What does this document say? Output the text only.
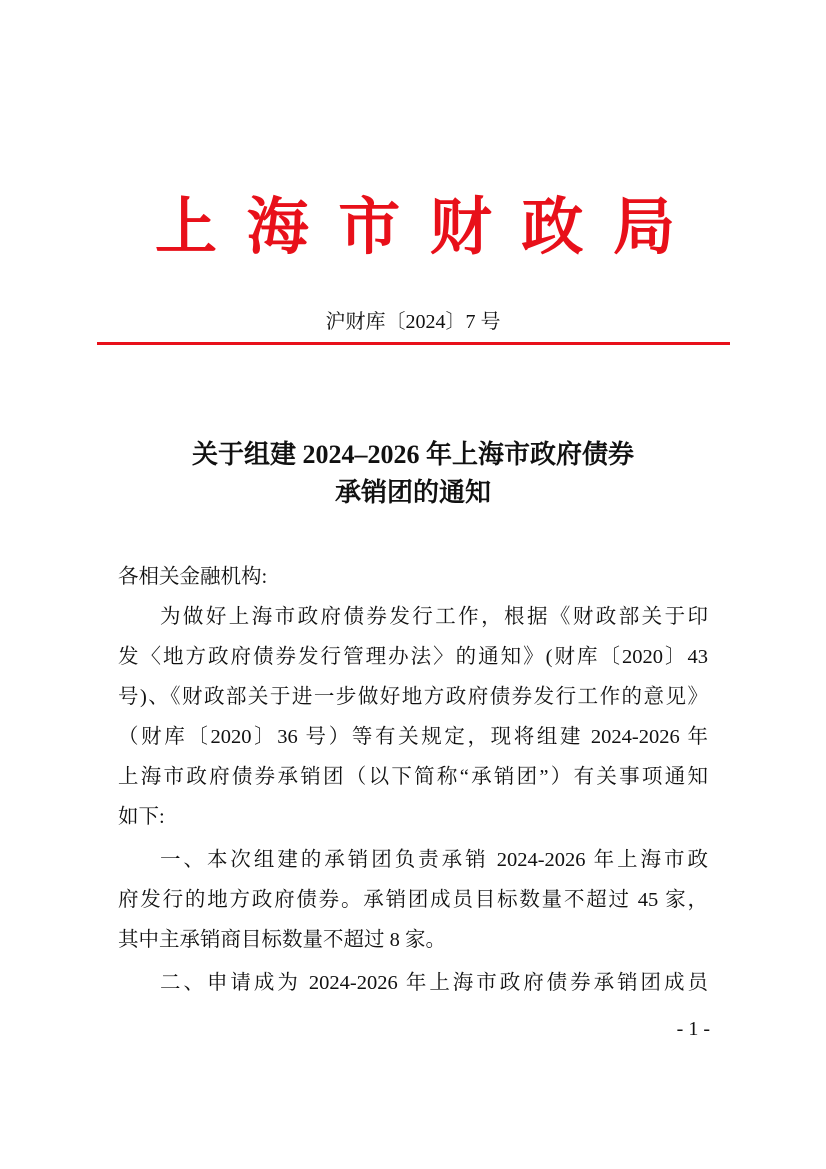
上 海 市 财 政 局
沪财库〔2024〕7 号
关于组建 2024–2026 年上海市政府债券
承销团的通知
各相关金融机构:
为做好上海市政府债券发行工作，根据《财政部关于印
发〈地方政府债券发行管理办法〉的通知》(财库〔2020〕43
号)、《财政部关于进一步做好地方政府债券发行工作的意见》
（财库〔2020〕36 号）等有关规定，现将组建 2024-2026 年
上海市政府债券承销团（以下简称“承销团”）有关事项通知
如下:
一、本次组建的承销团负责承销 2024-2026 年上海市政
府发行的地方政府债券。承销团成员目标数量不超过 45 家，
其中主承销商目标数量不超过 8 家。
二、申请成为 2024-2026 年上海市政府债券承销团成员
- 1 -
